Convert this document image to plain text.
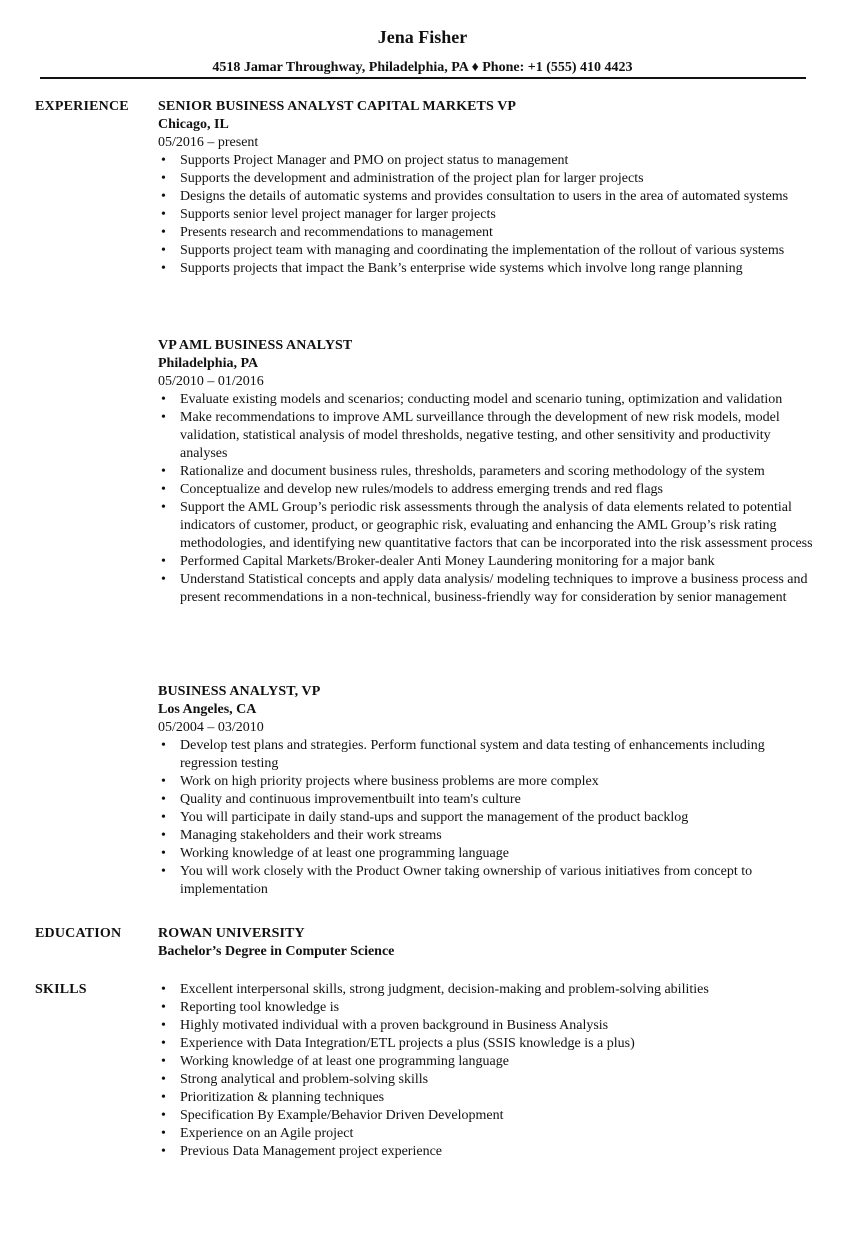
Jena Fisher
4518 Jamar Throughway, Philadelphia, PA ♦ Phone: +1 (555) 410 4423
EXPERIENCE SENIOR BUSINESS ANALYST CAPITAL MARKETS VP
Chicago, IL
05/2016 – present
• Supports Project Manager and PMO on project status to management
• Supports the development and administration of the project plan for larger projects
• Designs the details of automatic systems and provides consultation to users in the area of automated systems
• Supports senior level project manager for larger projects
• Presents research and recommendations to management
• Supports project team with managing and coordinating the implementation of the rollout of various systems
• Supports projects that impact the Bank’s enterprise wide systems which involve long range planning
VP AML BUSINESS ANALYST
Philadelphia, PA
05/2010 – 01/2016
• Evaluate existing models and scenarios; conducting model and scenario tuning, optimization and validation
• Make recommendations to improve AML surveillance through the development of new risk models, model validation, statistical analysis of model thresholds, negative testing, and other sensitivity and productivity analyses
• Rationalize and document business rules, thresholds, parameters and scoring methodology of the system
• Conceptualize and develop new rules/models to address emerging trends and red flags
• Support the AML Group’s periodic risk assessments through the analysis of data elements related to potential indicators of customer, product, or geographic risk, evaluating and enhancing the AML Group’s risk rating methodologies, and identifying new quantitative factors that can be incorporated into the risk assessment process
• Performed Capital Markets/Broker-dealer Anti Money Laundering monitoring for a major bank
• Understand Statistical concepts and apply data analysis/ modeling techniques to improve a business process and present recommendations in a non-technical, business-friendly way for consideration by senior management
BUSINESS ANALYST, VP
Los Angeles, CA
05/2004 – 03/2010
• Develop test plans and strategies. Perform functional system and data testing of enhancements including regression testing
• Work on high priority projects where business problems are more complex
• Quality and continuous improvementbuilt into team's culture
• You will participate in daily stand-ups and support the management of the product backlog
• Managing stakeholders and their work streams
• Working knowledge of at least one programming language
• You will work closely with the Product Owner taking ownership of various initiatives from concept to implementation
EDUCATION	ROWAN UNIVERSITY
Bachelor’s Degree in Computer Science
SKILLS	• Excellent interpersonal skills, strong judgment, decision-making and problem-solving abilities
• Reporting tool knowledge is
• Highly motivated individual with a proven background in Business Analysis
• Experience with Data Integration/ETL projects a plus (SSIS knowledge is a plus)
• Working knowledge of at least one programming language
• Strong analytical and problem-solving skills
• Prioritization & planning techniques
• Specification By Example/Behavior Driven Development
• Experience on an Agile project
• Previous Data Management project experience
